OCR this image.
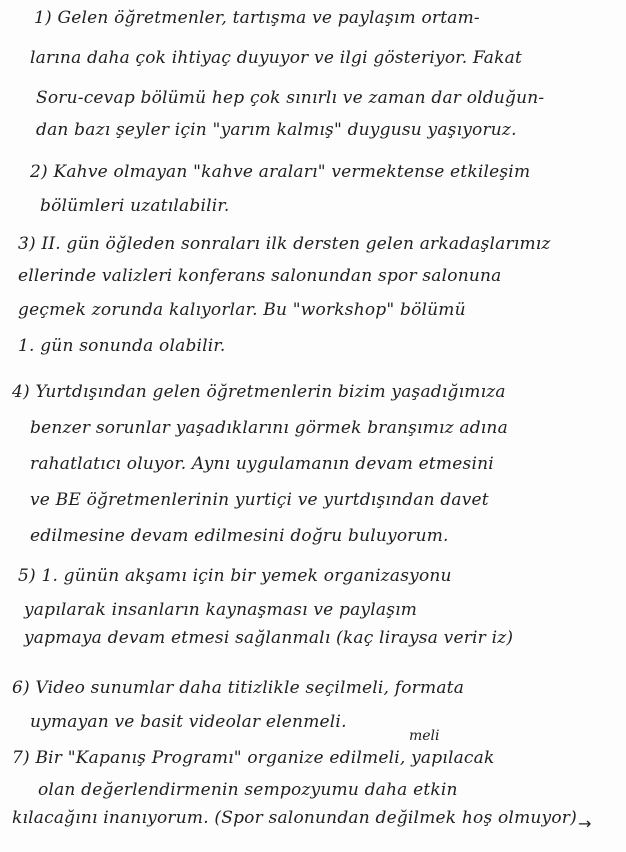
1) Gelen öğretmenler, tartışma ve paylaşım ortam-
larına daha çok ihtiyaç duyuyor ve ilgi gösteriyor. Fakat
Soru-cevap bölümü hep çok sınırlı ve zaman dar olduğun-
dan bazı şeyler için "yarım kalmış" duygusu yaşıyoruz.
2) Kahve olmayan "kahve araları" vermektense etkileşim
bölümleri uzatılabilir.
3) II. gün öğleden sonraları ilk dersten gelen arkadaşlarımız
ellerinde valizleri konferans salonundan spor salonuna
geçmek zorunda kalıyorlar. Bu "workshop" bölümü
1. gün sonunda olabilir.
4) Yurtdışından gelen öğretmenlerin bizim yaşadığımıza
benzer sorunlar yaşadıklarını görmek branşımız adına
rahatlatıcı oluyor. Aynı uygulamanın devam etmesini
ve BE öğretmenlerinin yurtiçi ve yurtdışından davet
edilmesine devam edilmesini doğru buluyorum.
5) 1. günün akşamı için bir yemek organizasyonu
yapılarak insanların kaynaşması ve paylaşım
yapmaya devam etmesi sağlanmalı (kaç liraysa verir iz)
6) Video sunumlar daha titizlikle seçilmeli, formata
uymayan ve basit videolar elenmeli.
meli
7) Bir "Kapanış Programı" organize edilmeli, yapılacak
olan değerlendirmenin sempozyumu daha etkin
kılacağını inanıyorum. (Spor salonundan değilmek hoş olmuyor) →
